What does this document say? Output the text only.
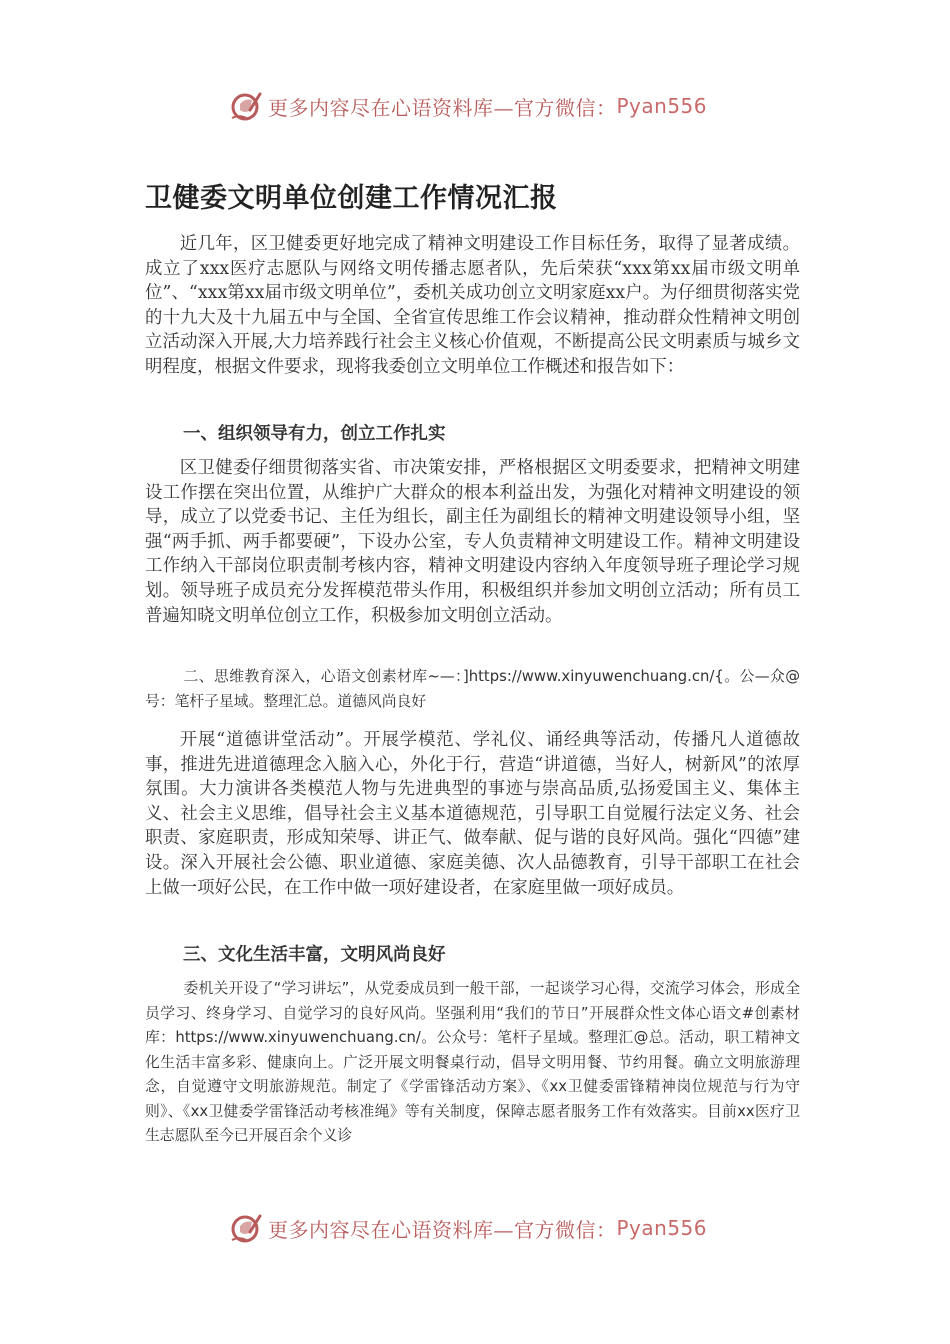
更多内容尽在心语资料库—官方微信： Pyan556
卫健委文明单位创建工作情况汇报

近几年，区卫健委更好地完成了精神文明建设工作目标任务，取得了显著成绩。成立了xxx医疗志愿队与网络文明传播志愿者队，先后荣获“xxx第xx届市级文明单位”、“xxx第xx届市级文明单位”，委机关成功创立文明家庭xx户。为仔细贯彻落实党的十九大及十九届五中与全国、全省宣传思维工作会议精神，推动群众性精神文明创立活动深入开展,大力培养践行社会主义核心价值观，不断提高公民文明素质与城乡文明程度，根据文件要求，现将我委创立文明单位工作概述和报告如下：

一、组织领导有力，创立工作扎实

区卫健委仔细贯彻落实省、市决策安排，严格根据区文明委要求，把精神文明建设工作摆在突出位置，从维护广大群众的根本利益出发，为强化对精神文明建设的领导，成立了以党委书记、主任为组长，副主任为副组长的精神文明建设领导小组，坚强“两手抓、两手都要硬”，下设办公室，专人负责精神文明建设工作。精神文明建设工作纳入干部岗位职责制考核内容，精神文明建设内容纳入年度领导班子理论学习规划。领导班子成员充分发挥模范带头作用，积极组织并参加文明创立活动；所有员工普遍知晓文明单位创立工作，积极参加文明创立活动。

二、思维教育深入，心语文创素材库~—：]https://www.xinyuwenchuang.cn/{。公—众@号：笔杆子星域。整理汇总。道德风尚良好

开展“道德讲堂活动”。开展学模范、学礼仪、诵经典等活动，传播凡人道德故事，推进先进道德理念入脑入心，外化于行，营造“讲道德，当好人，树新风”的浓厚氛围。大力演讲各类模范人物与先进典型的事迹与崇高品质,弘扬爱国主义、集体主义、社会主义思维，倡导社会主义基本道德规范，引导职工自觉履行法定义务、社会职责、家庭职责，形成知荣辱、讲正气、做奉献、促与谐的良好风尚。强化“四德”建设。深入开展社会公德、职业道德、家庭美德、次人品德教育，引导干部职工在社会上做一项好公民，在工作中做一项好建设者，在家庭里做一项好成员。

三、文化生活丰富，文明风尚良好

委机关开设了“学习讲坛”，从党委成员到一般干部，一起谈学习心得，交流学习体会，形成全员学习、终身学习、自觉学习的良好风尚。坚强利用“我们的节日”开展群众性文体心语文#创素材库：https://www.xinyuwenchuang.cn/。公众号：笔杆子星域。整理汇@总。活动，职工精神文化生活丰富多彩、健康向上。广泛开展文明餐桌行动，倡导文明用餐、节约用餐。确立文明旅游理念，自觉遵守文明旅游规范。制定了《学雷锋活动方案》、《xx卫健委雷锋精神岗位规范与行为守则》、《xx卫健委学雷锋活动考核准绳》等有关制度，保障志愿者服务工作有效落实。目前xx医疗卫生志愿队至今已开展百余个义诊

更多内容尽在心语资料库—官方微信： Pyan556
